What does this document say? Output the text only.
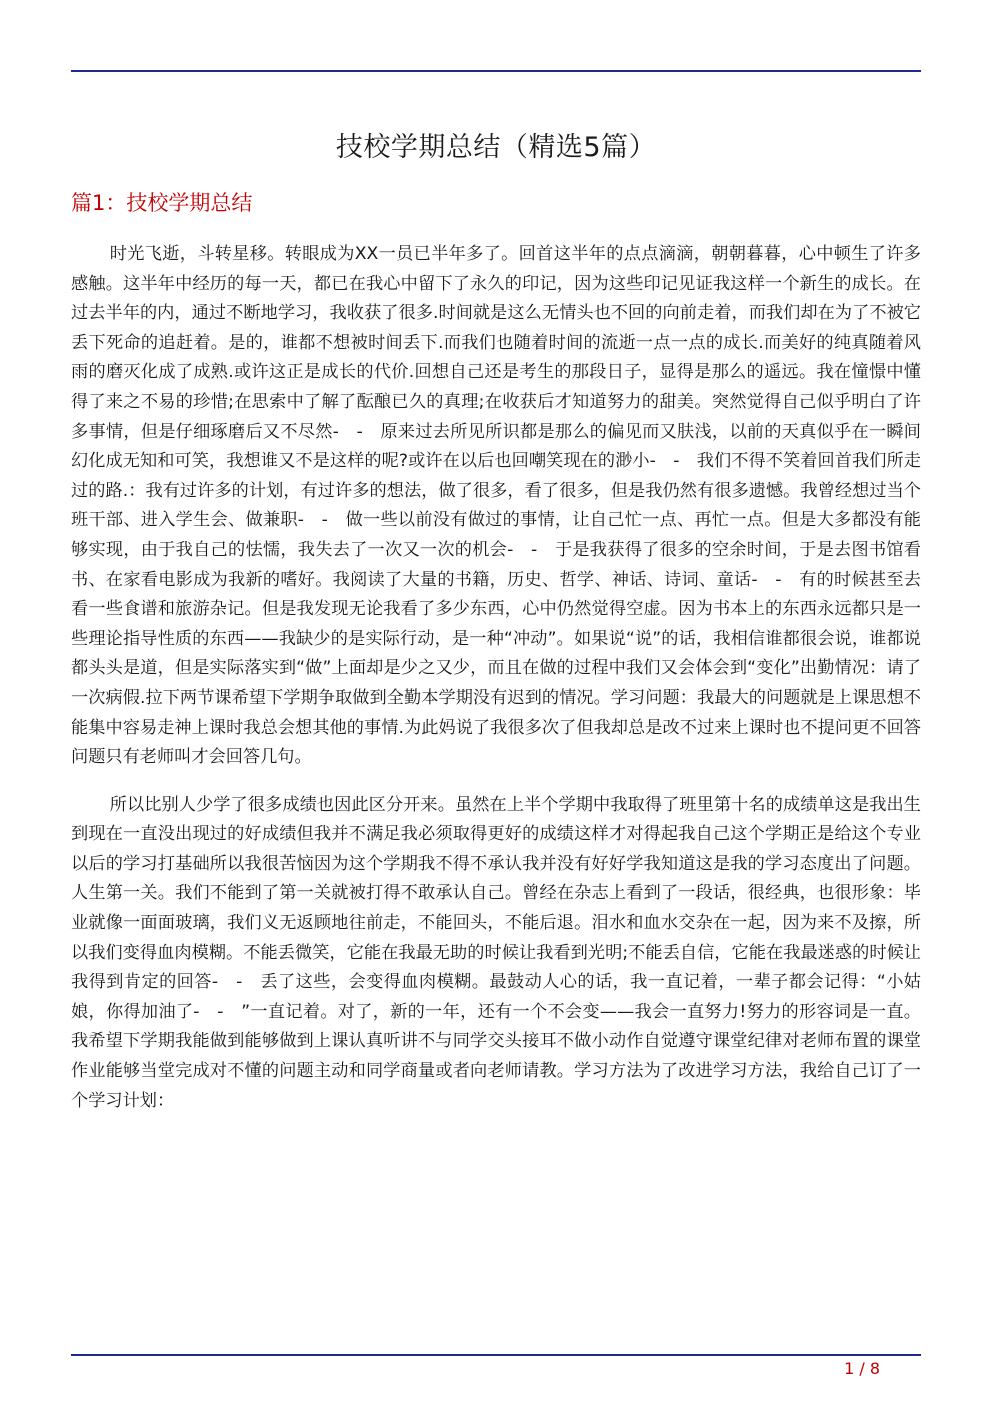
技校学期总结（精选5篇）
篇1：技校学期总结

时光飞逝，斗转星移。转眼成为XX一员已半年多了。回首这半年的点点滴滴，朝朝暮暮，心中顿生了许多感触。这半年中经历的每一天，都已在我心中留下了永久的印记，因为这些印记见证我这样一个新生的成长。在过去半年的内，通过不断地学习，我收获了很多.时间就是这么无情头也不回的向前走着，而我们却在为了不被它丢下死命的追赶着。是的，谁都不想被时间丢下.而我们也随着时间的流逝一点一点的成长.而美好的纯真随着风雨的磨灭化成了成熟.或许这正是成长的代价.回想自己还是考生的那段日子，显得是那么的遥远。我在憧憬中懂得了来之不易的珍惜;在思索中了解了酝酿已久的真理;在收获后才知道努力的甜美。突然觉得自己似乎明白了许多事情，但是仔细琢磨后又不尽然-　-　原来过去所见所识都是那么的偏见而又肤浅，以前的天真似乎在一瞬间幻化成无知和可笑，我想谁又不是这样的呢?或许在以后也回嘲笑现在的渺小-　-　我们不得不笑着回首我们所走过的路.：我有过许多的计划，有过许多的想法，做了很多，看了很多，但是我仍然有很多遗憾。我曾经想过当个班干部、进入学生会、做兼职-　-　做一些以前没有做过的事情，让自己忙一点、再忙一点。但是大多都没有能够实现，由于我自己的怯懦，我失去了一次又一次的机会-　-　于是我获得了很多的空余时间，于是去图书馆看书、在家看电影成为我新的嗜好。我阅读了大量的书籍，历史、哲学、神话、诗词、童话-　-　有的时候甚至去看一些食谱和旅游杂记。但是我发现无论我看了多少东西，心中仍然觉得空虚。因为书本上的东西永远都只是一些理论指导性质的东西——我缺少的是实际行动，是一种“冲动”。如果说“说”的话，我相信谁都很会说，谁都说都头头是道，但是实际落实到“做”上面却是少之又少，而且在做的过程中我们又会体会到“变化”出勤情况：请了一次病假.拉下两节课希望下学期争取做到全勤本学期没有迟到的情况。学习问题：我最大的问题就是上课思想不能集中容易走神上课时我总会想其他的事情.为此妈说了我很多次了但我却总是改不过来上课时也不提问更不回答问题只有老师叫才会回答几句。

所以比别人少学了很多成绩也因此区分开来。虽然在上半个学期中我取得了班里第十名的成绩单这是我出生到现在一直没出现过的好成绩但我并不满足我必须取得更好的成绩这样才对得起我自己这个学期正是给这个专业以后的学习打基础所以我很苦恼因为这个学期我不得不承认我并没有好好学我知道这是我的学习态度出了问题。人生第一关。我们不能到了第一关就被打得不敢承认自己。曾经在杂志上看到了一段话，很经典，也很形象：毕业就像一面面玻璃，我们义无返顾地往前走，不能回头，不能后退。泪水和血水交杂在一起，因为来不及擦，所以我们变得血肉模糊。不能丢微笑，它能在我最无助的时候让我看到光明;不能丢自信，它能在我最迷惑的时候让我得到肯定的回答-　-　丢了这些，会变得血肉模糊。最鼓动人心的话，我一直记着，一辈子都会记得：“小姑娘，你得加油了-　-　”一直记着。对了，新的一年，还有一个不会变——我会一直努力!努力的形容词是一直。我希望下学期我能做到能够做到上课认真听讲不与同学交头接耳不做小动作自觉遵守课堂纪律对老师布置的课堂作业能够当堂完成对不懂的问题主动和同学商量或者向老师请教。学习方法为了改进学习方法，我给自己订了一个学习计划：

1 / 8
